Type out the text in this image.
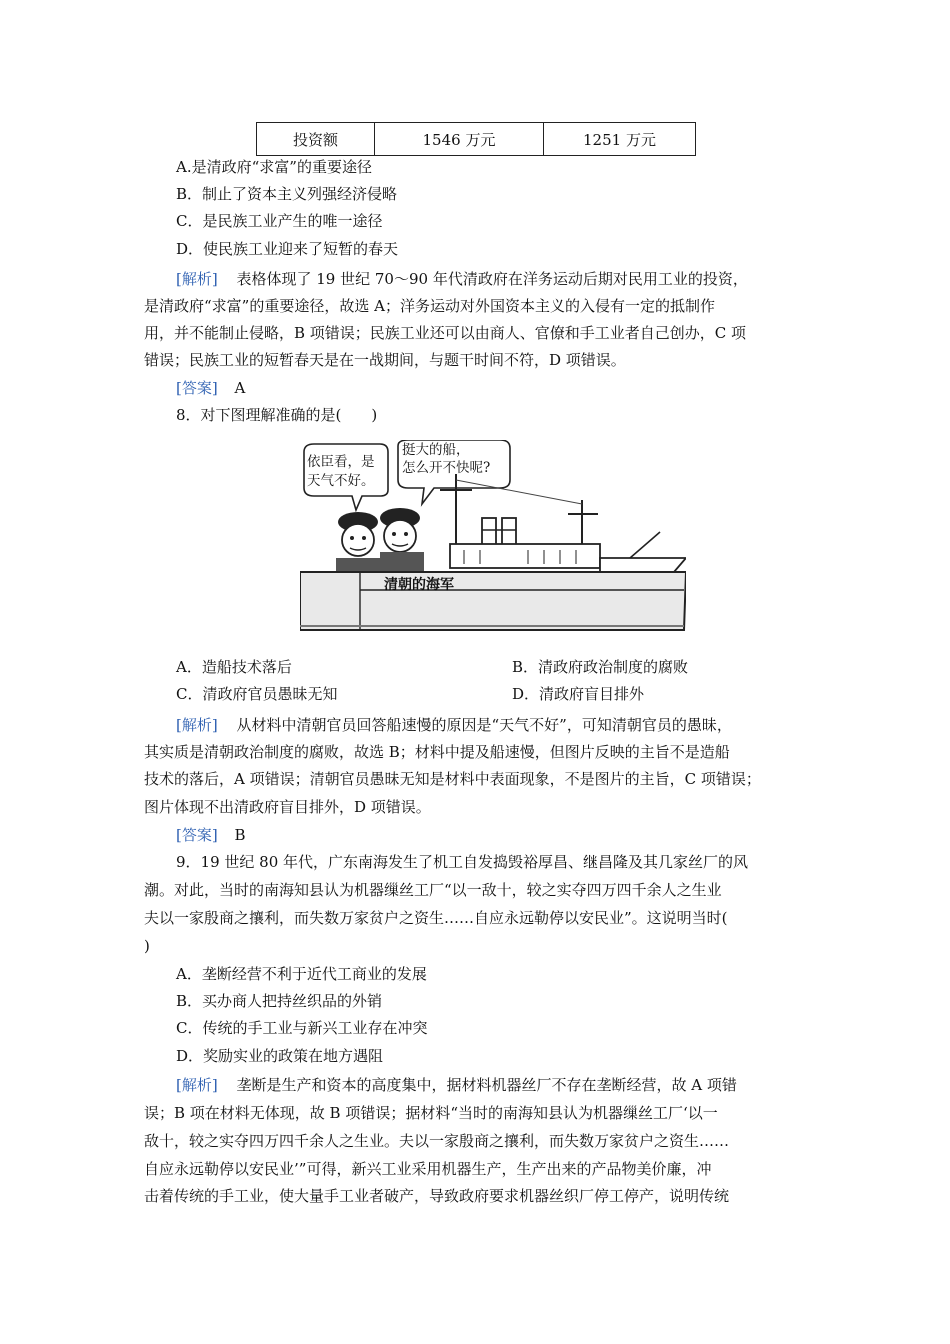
投资额	1546 万元	1251 万元
A.是清政府“求富”的重要途径
B．制止了资本主义列强经济侵略
C．是民族工业产生的唯一途径
D．使民族工业迎来了短暂的春天
[解析] 表格体现了 19 世纪 70～90 年代清政府在洋务运动后期对民用工业的投资，
是清政府“求富”的重要途径，故选 A；洋务运动对外国资本主义的入侵有一定的抵制作
用，并不能制止侵略，B 项错误；民族工业还可以由商人、官僚和手工业者自己创办，C 项
错误；民族工业的短暂春天是在一战期间，与题干时间不符，D 项错误。
[答案] A
8．对下图理解准确的是(　　)
依臣看，是
天气不好。
挺大的船，
怎么开不快呢?
清朝的海军
A．造船技术落后	B．清政府政治制度的腐败
C．清政府官员愚昧无知	D．清政府盲目排外
[解析] 从材料中清朝官员回答船速慢的原因是“天气不好”，可知清朝官员的愚昧，
其实质是清朝政治制度的腐败，故选 B；材料中提及船速慢，但图片反映的主旨不是造船
技术的落后，A 项错误；清朝官员愚昧无知是材料中表面现象，不是图片的主旨，C 项错误；
图片体现不出清政府盲目排外，D 项错误。
[答案] B
9．19 世纪 80 年代，广东南海发生了机工自发捣毁裕厚昌、继昌隆及其几家丝厂的风
潮。对此，当时的南海知县认为机器缫丝工厂“以一敌十，较之实夺四万四千余人之生业
夫以一家殷商之攘利，而失数万家贫户之资生……自应永远勒停以安民业”。这说明当时(
)
A．垄断经营不利于近代工商业的发展
B．买办商人把持丝织品的外销
C．传统的手工业与新兴工业存在冲突
D．奖励实业的政策在地方遇阻
[解析] 垄断是生产和资本的高度集中，据材料机器丝厂不存在垄断经营，故 A 项错
误；B 项在材料无体现，故 B 项错误；据材料“当时的南海知县认为机器缫丝工厂‘以一
敌十，较之实夺四万四千余人之生业。夫以一家殷商之攘利，而失数万家贫户之资生……
自应永远勒停以安民业’”可得，新兴工业采用机器生产，生产出来的产品物美价廉，冲
击着传统的手工业，使大量手工业者破产，导致政府要求机器丝织厂停工停产，说明传统
